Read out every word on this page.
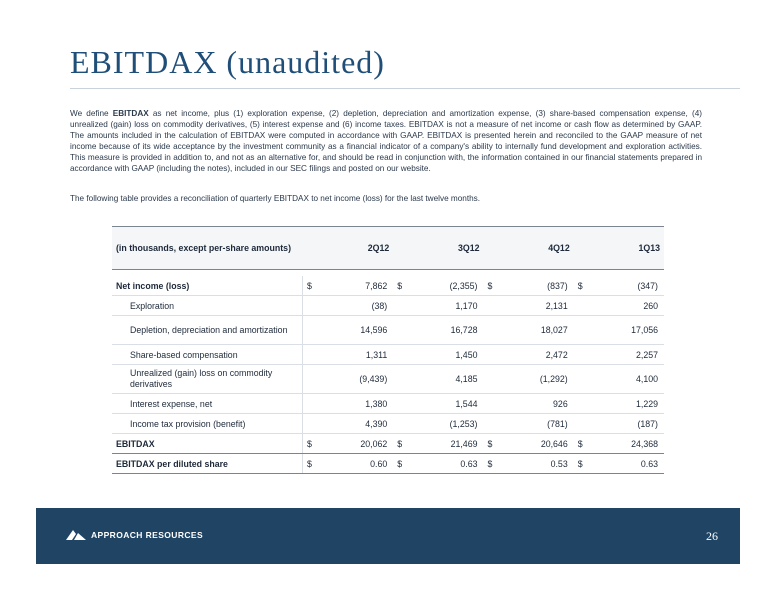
EBITDAX (unaudited)

We define EBITDAX as net income, plus (1) exploration expense, (2) depletion, depreciation and amortization expense, (3) share-based compensation expense, (4) unrealized (gain) loss on commodity derivatives, (5) interest expense and (6) income taxes. EBITDAX is not a measure of net income or cash flow as determined by GAAP. The amounts included in the calculation of EBITDAX were computed in accordance with GAAP. EBITDAX is presented herein and reconciled to the GAAP measure of net income because of its wide acceptance by the investment community as a financial indicator of a company's ability to internally fund development and exploration activities. This measure is provided in addition to, and not as an alternative for, and should be read in conjunction with, the information contained in our financial statements prepared in accordance with GAAP (including the notes), included in our SEC filings and posted on our website.

The following table provides a reconciliation of quarterly EBITDAX to net income (loss) for the last twelve months.

(in thousands, except per-share amounts)	2Q12		3Q12		4Q12		1Q13	

Net income (loss)	$	7,862	$	(2,355)	$	(837)	$	(347)
Exploration		(38)		1,170		2,131		260
Depletion, depreciation and amortization		14,596		16,728		18,027		17,056
Share-based compensation		1,311		1,450		2,472		2,257
Unrealized (gain) loss on commodity derivatives		(9,439)		4,185		(1,292)		4,100
Interest expense, net		1,380		1,544		926		1,229
Income tax provision (benefit)		4,390		(1,253)		(781)		(187)
EBITDAX	$	20,062	$	21,469	$	20,646	$	24,368
EBITDAX per diluted share	$	0.60	$	0.63	$	0.53	$	0.63
APPROACH RESOURCES	26
